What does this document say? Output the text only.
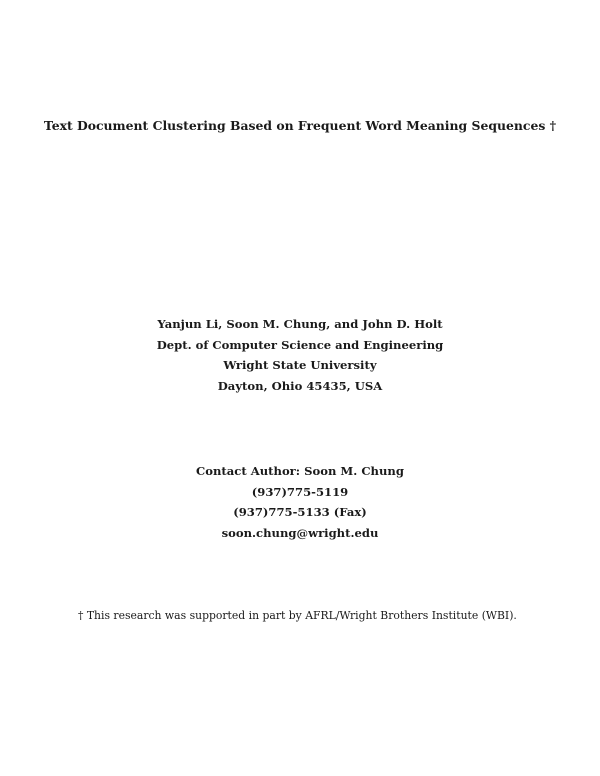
Text Document Clustering Based on Frequent Word Meaning Sequences †
Yanjun Li, Soon M. Chung, and John D. Holt
Dept. of Computer Science and Engineering
Wright State University
Dayton, Ohio 45435, USA
Contact Author: Soon M. Chung
(937)775-5119
(937)775-5133 (Fax)
soon.chung@wright.edu
† This research was supported in part by AFRL/Wright Brothers Institute (WBI).
